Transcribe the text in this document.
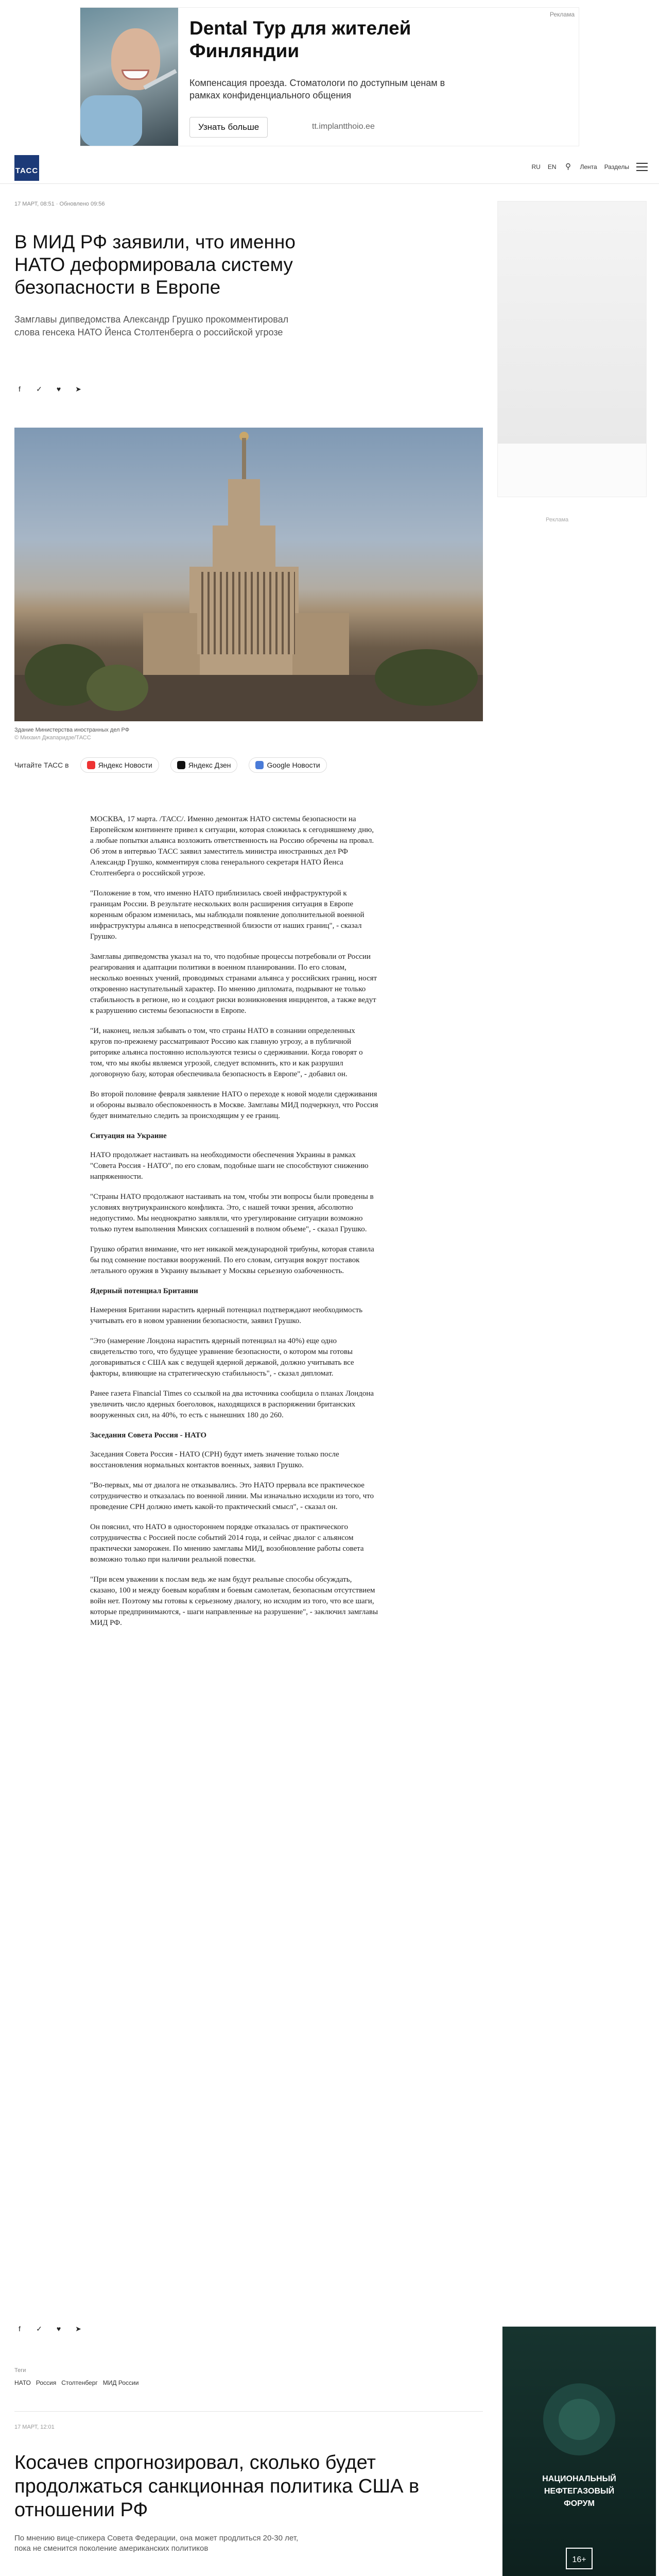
Dental Тур для жителей Финляндии
Компенсация проезда. Стоматологи по доступным ценам в рамках конфиденциального общения
Узнать больше	tt.implantthoio.ee
Реклама
ТАСС	RU EN ⚲ Лента Разделы
17 МАРТ, 08:51 · Обновлено 09:56
В МИД РФ заявили, что именно НАТО деформировала систему безопасности в Европе
Замглавы дипведомства Александр Грушко прокомментировал слова генсека НАТО Йенса Столтенберга о российской угрозе
f	✓	♥	➤
Здание Министерства иностранных дел РФ
© Михаил Джапаридзе/ТАСС
Читайте ТАСС в	Яндекс Новости	Яндекс Дзен	Google Новости

МОСКВА, 17 марта. /ТАСС/. Именно демонтаж НАТО системы безопасности на Европейском континенте привел к ситуации, которая сложилась к сегодняшнему дню, а любые попытки альянса возложить ответственность на Россию обречены на провал. Об этом в интервью ТАСС заявил заместитель министра иностранных дел РФ Александр Грушко, комментируя слова генерального секретаря НАТО Йенса Столтенберга о российской угрозе.

"Положение в том, что именно НАТО приблизилась своей инфраструктурой к границам России. В результате нескольких волн расширения ситуация в Европе коренным образом изменилась, мы наблюдали появление дополнительной военной инфраструктуры альянса в непосредственной близости от наших границ", - сказал Грушко.

Замглавы дипведомства указал на то, что подобные процессы потребовали от России реагирования и адаптации политики в военном планировании. По его словам, несколько военных учений, проводимых странами альянса у российских границ, носят откровенно наступательный характер. По мнению дипломата, подрывают не только стабильность в регионе, но и создают риски возникновения инцидентов, а также ведут к разрушению системы безопасности в Европе.

"И, наконец, нельзя забывать о том, что страны НАТО в сознании определенных кругов по-прежнему рассматривают Россию как главную угрозу, а в публичной риторике альянса постоянно используются тезисы о сдерживании. Когда говорят о том, что мы якобы являемся угрозой, следует вспомнить, кто и как разрушил договорную базу, которая обеспечивала безопасность в Европе", - добавил он.

Во второй половине февраля заявление НАТО о переходе к новой модели сдерживания и обороны вызвало обеспокоенность в Москве. Замглавы МИД подчеркнул, что Россия будет внимательно следить за происходящим у ее границ.

Ситуация на Украине

НАТО продолжает настаивать на необходимости обеспечения Украины в рамках "Совета Россия - НАТО", по его словам, подобные шаги не способствуют снижению напряженности.

"Страны НАТО продолжают настаивать на том, чтобы эти вопросы были проведены в условиях внутриукраинского конфликта. Это, с нашей точки зрения, абсолютно недопустимо. Мы неоднократно заявляли, что урегулирование ситуации возможно только путем выполнения Минских соглашений в полном объеме", - сказал Грушко.

Грушко обратил внимание, что нет никакой международной трибуны, которая ставила бы под сомнение поставки вооружений. По его словам, ситуация вокруг поставок летального оружия в Украину вызывает у Москвы серьезную озабоченность.

Ядерный потенциал Британии

Намерения Британии нарастить ядерный потенциал подтверждают необходимость учитывать его в новом уравнении безопасности, заявил Грушко.

"Это (намерение Лондона нарастить ядерный потенциал на 40%) еще одно свидетельство того, что будущее уравнение безопасности, о котором мы готовы договариваться с США как с ведущей ядерной державой, должно учитывать все факторы, влияющие на стратегическую стабильность", - сказал дипломат.

Ранее газета Financial Times со ссылкой на два источника сообщила о планах Лондона увеличить число ядерных боеголовок, находящихся в распоряжении британских вооруженных сил, на 40%, то есть с нынешних 180 до 260.

Заседания Совета Россия - НАТО

Заседания Совета Россия - НАТО (СРН) будут иметь значение только после восстановления нормальных контактов военных, заявил Грушко.

"Во-первых, мы от диалога не отказывались. Это НАТО прервала все практическое сотрудничество и отказалась по военной линии. Мы изначально исходили из того, что проведение СРН должно иметь какой-то практический смысл", - сказал он.

Он пояснил, что НАТО в одностороннем порядке отказалась от практического сотрудничества с Россией после событий 2014 года, и сейчас диалог с альянсом практически заморожен. По мнению замглавы МИД, возобновление работы совета возможно только при наличии реальной повестки.

"При всем уважении к послам ведь же нам будут реальные способы обсуждать, сказано, 100 и между боевым кораблям и боевым самолетам, безопасным отсутствием войн нет. Поэтому мы готовы к серьезному диалогу, но исходим из того, что все шаги, которые предпринимаются, - шаги направленные на разрушение", - заключил замглавы МИД РФ.

f	✓	♥	➤
Теги
НАТО Россия Столтенберг МИД России
Реклама
НАЦИОНАЛЬНЫЙ
НЕФТЕГАЗОВЫЙ
ФОРУМ
16+
17 МАРТ, 12:01
Косачев спрогнозировал, сколько будет продолжаться санкционная политика США в отношении РФ
По мнению вице-спикера Совета Федерации, она может продлиться 20-30 лет, пока не сменится поколение американских политиков
